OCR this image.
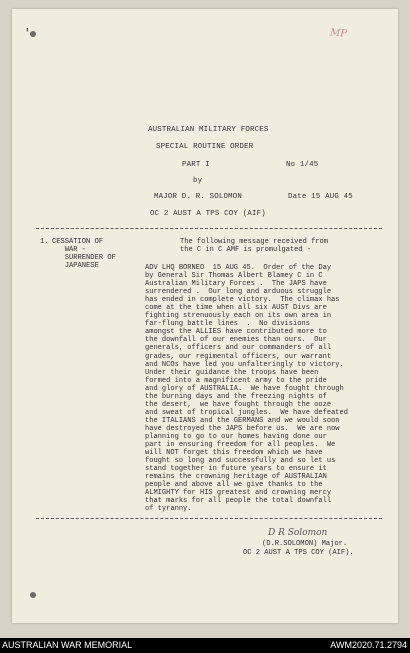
'	MP
AUSTRALIAN MILITARY FORCES
SPECIAL ROUTINE ORDER
PART I	No 1/45
by
MAJOR D. R. SOLOMON	Date 15 AUG 45
OC 2 AUST A TPS COY (AIF)
1. CESSATION OF
WAR -
SURRENDER OF
JAPANESE
The following message received from
the C in C AMF is promulgated -
ADV LHQ BORNEO  15 AUG 45.  Order of the Day
by General Sir Thomas Albert Blamey C in C
Australian Military Forces .  The JAPS have
surrendered .  Our long and arduous struggle
has ended in complete victory.  The climax has
come at the time when all six AUST Divs are
fighting strenuously each on its own area in
far-flung battle lines  .  No divisions
amongst the ALLIES have contributed more to
the downfall of our enemies than ours.  Our
generals, officers and our commanders of all
grades, our regimental officers, our warrant
and NCOs have led you unfalteringly to victory.
Under their guidance the troops have been
formed into a magnificent army to the pride
and glory of AUSTRALIA.  We have fought through
the burning days and the freezing nights of
the desert,  we have fought through the ooze
and sweat of tropical jungles.  We have defeated
the ITALIANS and the GERMANS and we would soon
have destroyed the JAPS before us.  We are now
planning to go to our homes having done our
part in ensuring freedom for all peoples.  We
will NOT forget this freedom which we have
fought so long and successfully and so let us
stand together in future years to ensure it
remains the crowning heritage of AUSTRALIAN
people and above all we give thanks to the
ALMIGHTY for HIS greatest and crowning mercy
that marks for all people the total downfall
of tyranny.
D R Solomon
(D.R.SOLOMON) Major.
OC 2 AUST A TPS COY (AIF).
AUSTRALIAN WAR MEMORIAL	AWM2020.71.2794
